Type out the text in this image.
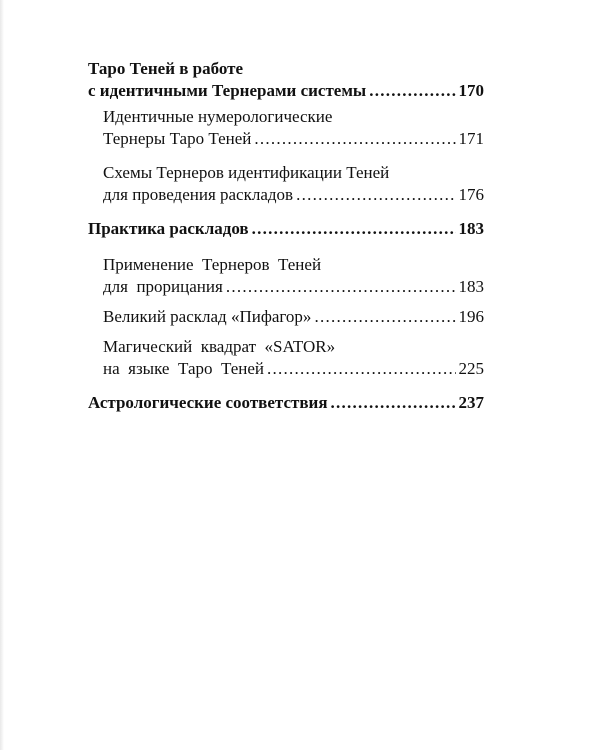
Таро Теней в работе
с идентичными Тернерами системы . . .	170
Идентичные нумерологические
Тернеры Таро Теней . . .	171
Схемы Тернеров идентификации Теней
для проведения раскладов . . .	176
Практика раскладов . . .	183
Применение  Тернеров  Теней
для  прорицания . . .	183
Великий расклад «Пифагор» . . .	196
Магический  квадрат  «SATOR»
на  языке  Таро  Теней . . .	225
Астрологические соответствия . . .	237
